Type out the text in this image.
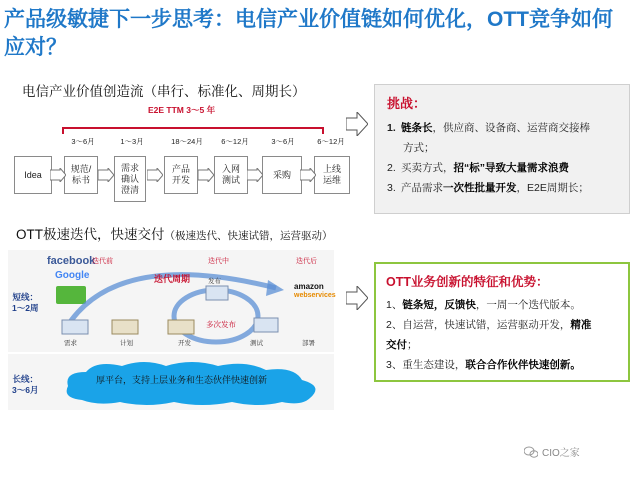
产品级敏捷下一步思考：电信产业价值链如何优化，OTT竞争如何
应对？
电信产业价值创造流（串行、标准化、周期长）
E2E TTM 3～5 年
3～6月	1～3月	18～24月	6～12月	3～6月	6～12月
Idea
规范/
标书
需求
确认
澄清
产品
开发
入网
测试
采购
上线
运维
挑战：
1. 链条长，供应商、设备商、运营商交接棒
方式；
2. 买卖方式，招“标”导致大量需求浪费
3. 产品需求一次性批量开发，E2E周期长；
OTT极速迭代，快速交付（极速迭代、快速试错，运营驱动）
短线：
1～2周
长线：
3～6月
facebook
Google
迭代前	迭代中	迭代后
迭代周期
多次发布
需求	计划	开发	测试
发布
部署
amazon
webservices
厚平台，支持上层业务和生态伙伴快速创新
OTT业务创新的特征和优势：
1、链条短，反馈快，一周一个迭代版本。
2、自运营，快速试错，运营驱动开发，精准
交付；
3、重生态建设，联合合作伙伴快速创新。
CIO之家
